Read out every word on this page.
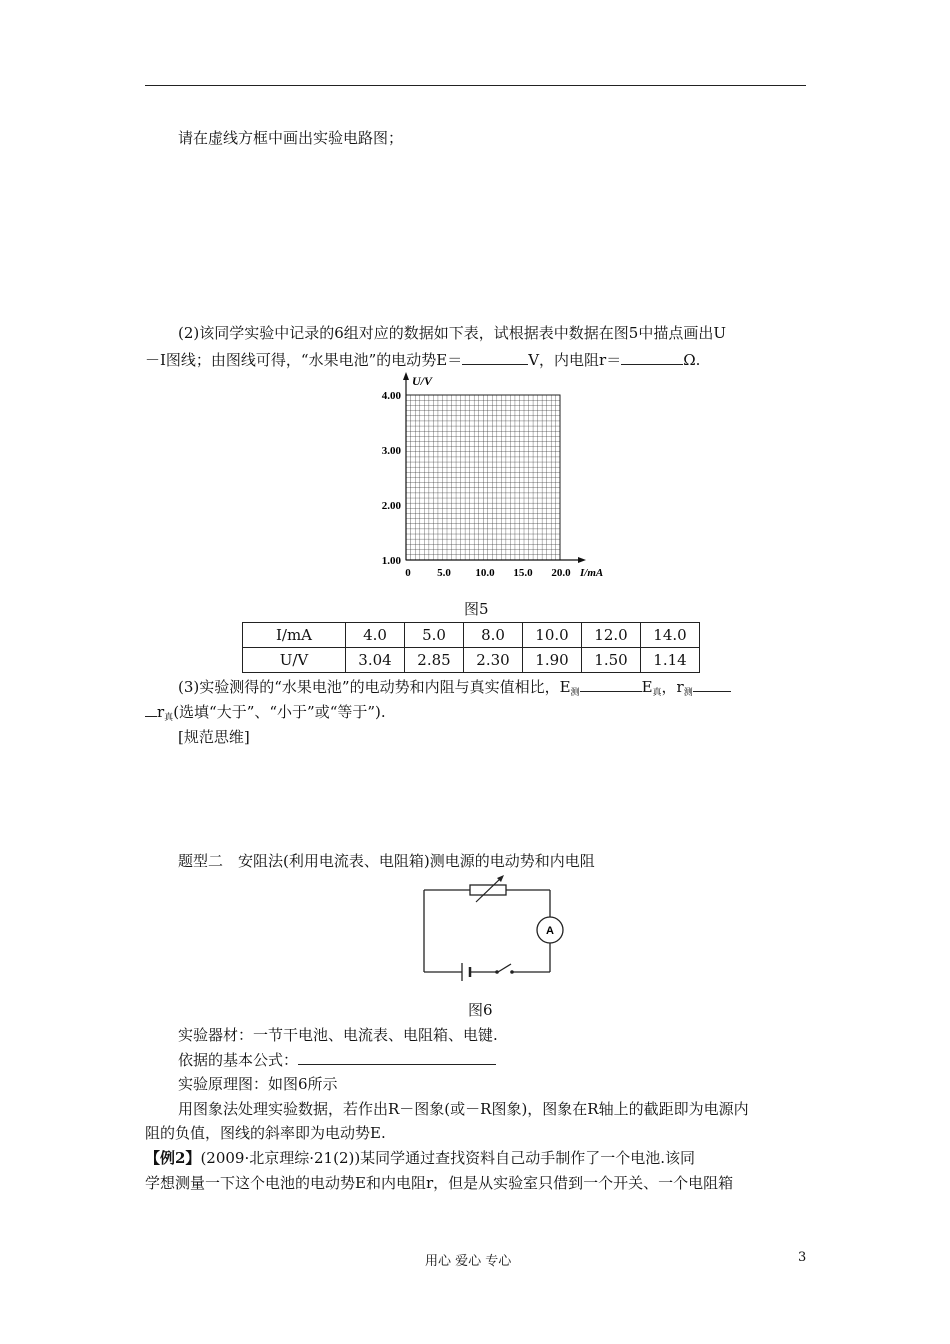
请在虚线方框中画出实验电路图；
(2)该同学实验中记录的6组对应的数据如下表，试根据表中数据在图5中描点画出U
－I图线；由图线可得，“水果电池”的电动势E＝	V，内电阻r＝	Ω.
U/V
4.00
3.00
2.00
1.00
0 5.0 10.0 15.0 20.0 I/mA
图5
I/mA	4.0	5.0	8.0	10.0	12.0	14.0
U/V	3.04	2.85	2.30	1.90	1.50	1.14
(3)实验测得的“水果电池”的电动势和内阻与真实值相比，$E_测$	$E_真$，$r_测$
$r_真$(选填“大于”、“小于”或“等于”).
[规范思维]
题型二　安阻法(利用电流表、电阻箱)测电源的电动势和内电阻
A
图6
实验器材：一节干电池、电流表、电阻箱、电键.
依据的基本公式：
实验原理图：如图6所示
用图象法处理实验数据，若作出R－图象(或－R图象)，图象在R轴上的截距即为电源内
阻的负值，图线的斜率即为电动势E.
【例2】(2009·北京理综·21(2))某同学通过查找资料自己动手制作了一个电池.该同
学想测量一下这个电池的电动势E和内电阻r，但是从实验室只借到一个开关、一个电阻箱
用心 爱心 专心	3
